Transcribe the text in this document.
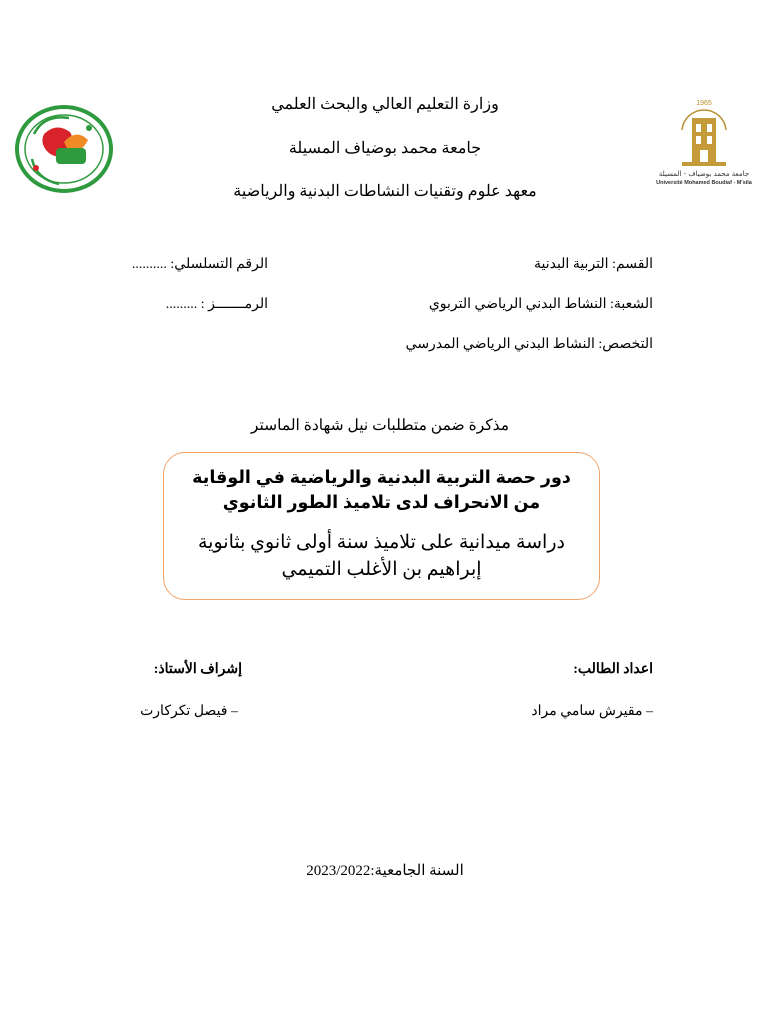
1965
جامعة محمد بوضياف - المسيلة
Université Mohamed Boudiaf - M'sila
وزارة التعليم العالي والبحث العلمي
جامعة محمد بوضياف المسيلة
معهد علوم وتقنيات النشاطات البدنية والرياضية
القسم: التربية البدنية
الرقم التسلسلي: ..........
الشعبة: النشاط البدني الرياضي التربوي
الرمـــــــز : .........
التخصص: النشاط البدني الرياضي المدرسي
مذكرة ضمن متطلبات نيل شهادة الماستر
دور حصة التربية البدنية والرياضية في الوقاية من الانحراف لدى تلاميذ الطور الثانوي
دراسة ميدانية على تلاميذ سنة أولى ثانوي بثانوية إبراهيم بن الأغلب التميمي
اعداد الطالب:
إشراف الأستاذ:
– مقيرش سامي مراد
– فيصل تكركارت
السنة الجامعية:2023/2022
